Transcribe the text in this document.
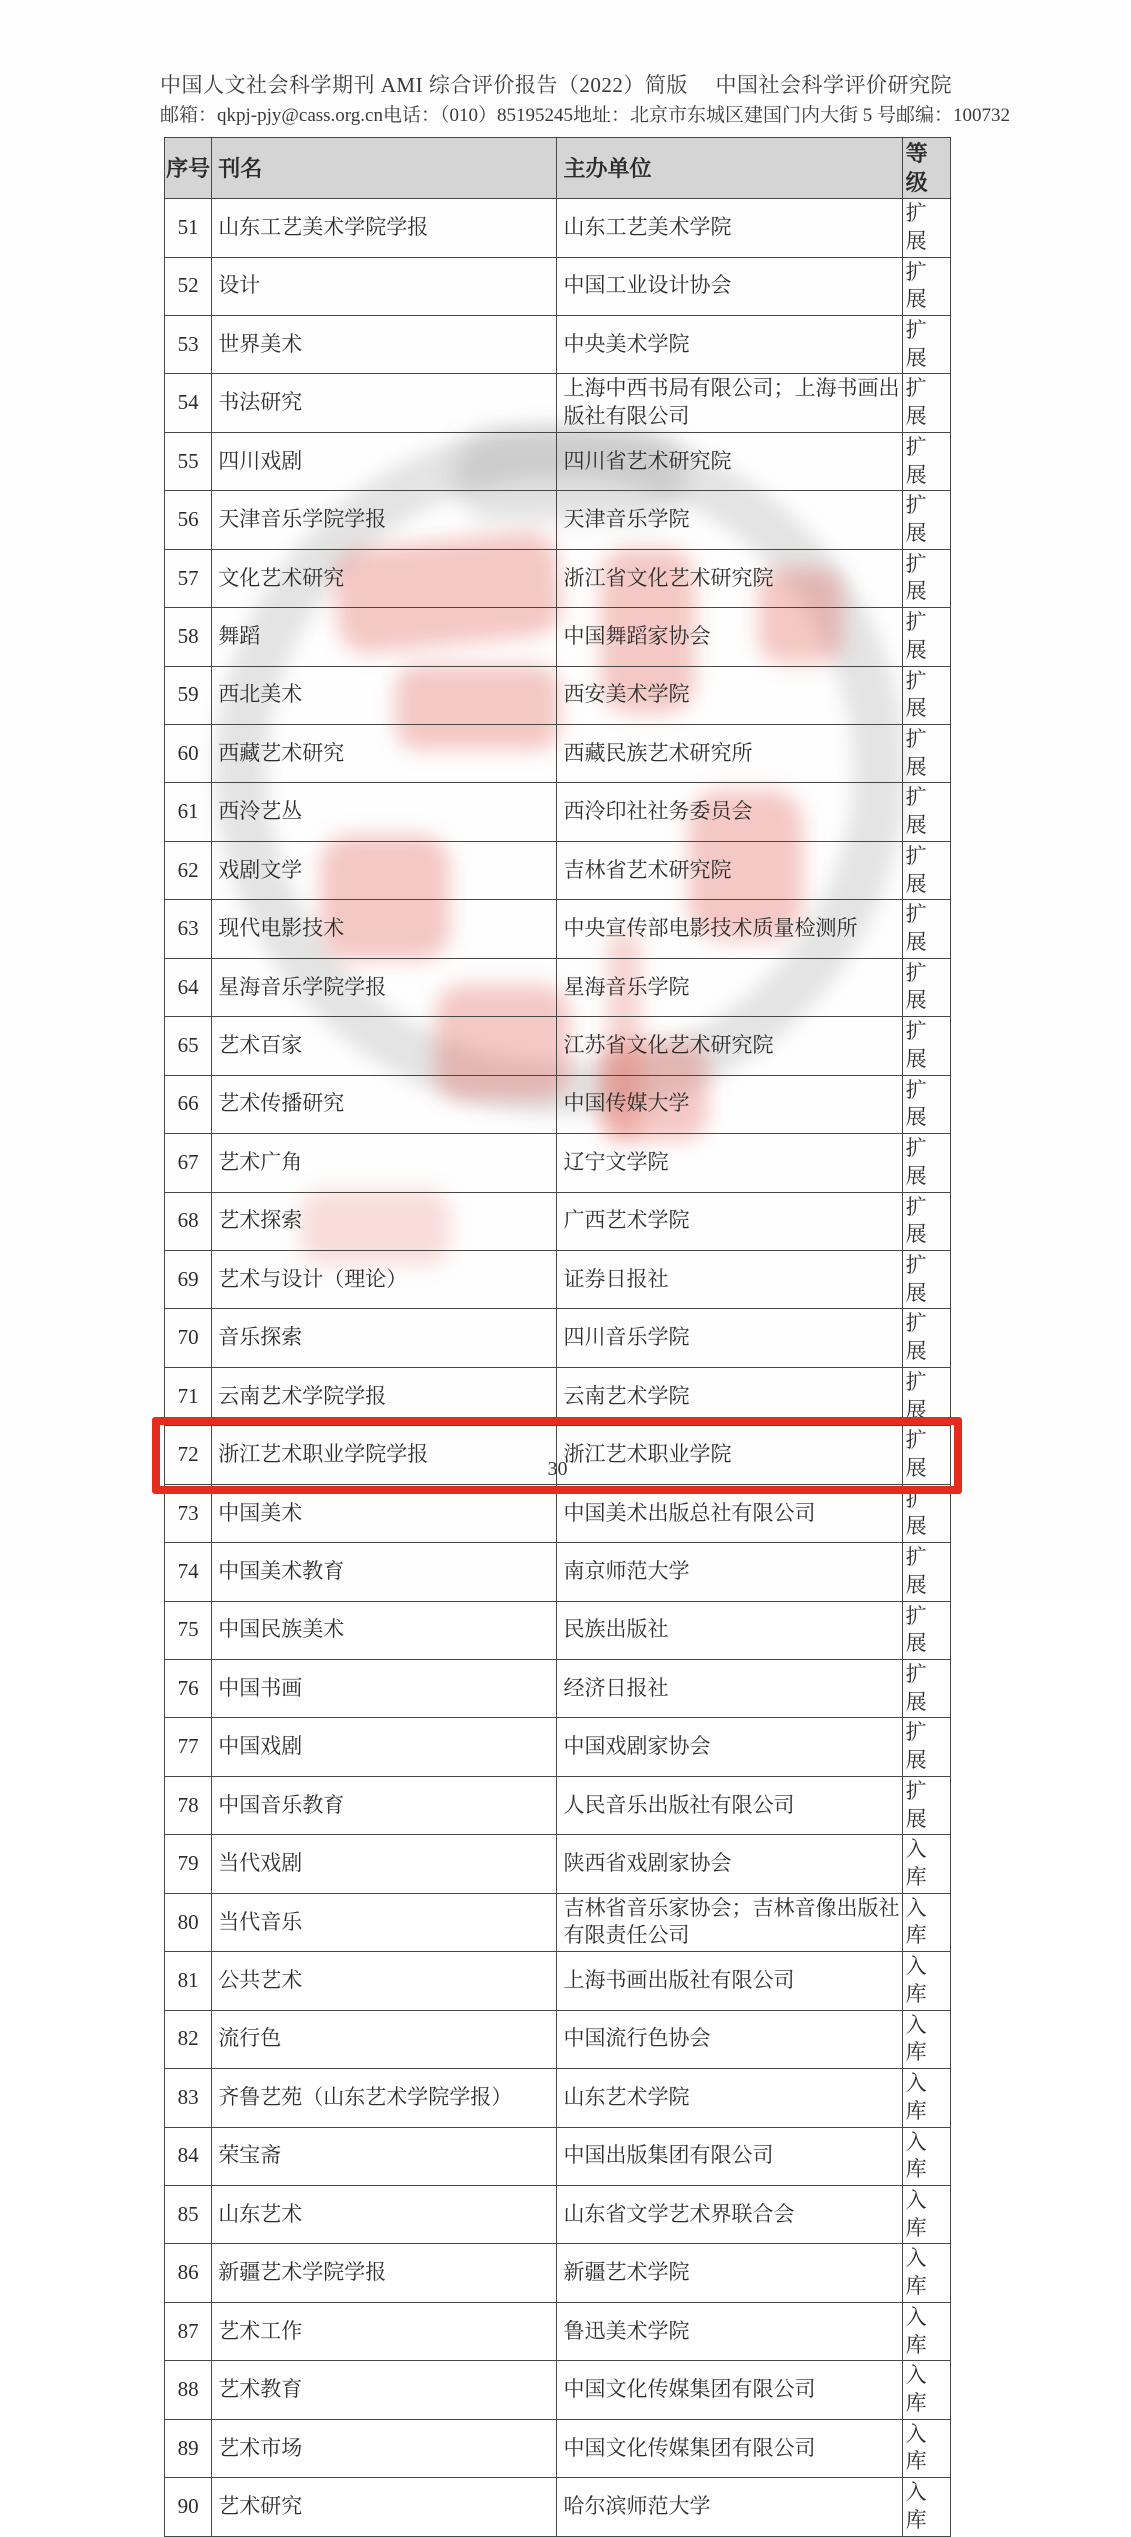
中国人文社会科学期刊 AMI 综合评价报告（2022）简版 中国社会科学评价研究院
邮箱：qkpj-pjy@cass.org.cn 电话：（010）85195245 地址：北京市东城区建国门内大街 5 号 邮编：100732
序号	刊名	主办单位	等级
51	山东工艺美术学院学报	山东工艺美术学院	扩展
52	设计	中国工业设计协会	扩展
53	世界美术	中央美术学院	扩展
54	书法研究	上海中西书局有限公司；上海书画出版社有限公司	扩展
55	四川戏剧	四川省艺术研究院	扩展
56	天津音乐学院学报	天津音乐学院	扩展
57	文化艺术研究	浙江省文化艺术研究院	扩展
58	舞蹈	中国舞蹈家协会	扩展
59	西北美术	西安美术学院	扩展
60	西藏艺术研究	西藏民族艺术研究所	扩展
61	西泠艺丛	西泠印社社务委员会	扩展
62	戏剧文学	吉林省艺术研究院	扩展
63	现代电影技术	中央宣传部电影技术质量检测所	扩展
64	星海音乐学院学报	星海音乐学院	扩展
65	艺术百家	江苏省文化艺术研究院	扩展
66	艺术传播研究	中国传媒大学	扩展
67	艺术广角	辽宁文学院	扩展
68	艺术探索	广西艺术学院	扩展
69	艺术与设计（理论）	证券日报社	扩展
70	音乐探索	四川音乐学院	扩展
71	云南艺术学院学报	云南艺术学院	扩展
72	浙江艺术职业学院学报	浙江艺术职业学院	扩展
73	中国美术	中国美术出版总社有限公司	扩展
74	中国美术教育	南京师范大学	扩展
75	中国民族美术	民族出版社	扩展
76	中国书画	经济日报社	扩展
77	中国戏剧	中国戏剧家协会	扩展
78	中国音乐教育	人民音乐出版社有限公司	扩展
79	当代戏剧	陕西省戏剧家协会	入库
80	当代音乐	吉林省音乐家协会；吉林音像出版社有限责任公司	入库
81	公共艺术	上海书画出版社有限公司	入库
82	流行色	中国流行色协会	入库
83	齐鲁艺苑（山东艺术学院学报）	山东艺术学院	入库
84	荣宝斋	中国出版集团有限公司	入库
85	山东艺术	山东省文学艺术界联合会	入库
86	新疆艺术学院学报	新疆艺术学院	入库
87	艺术工作	鲁迅美术学院	入库
88	艺术教育	中国文化传媒集团有限公司	入库
89	艺术市场	中国文化传媒集团有限公司	入库
90	艺术研究	哈尔滨师范大学	入库
30
